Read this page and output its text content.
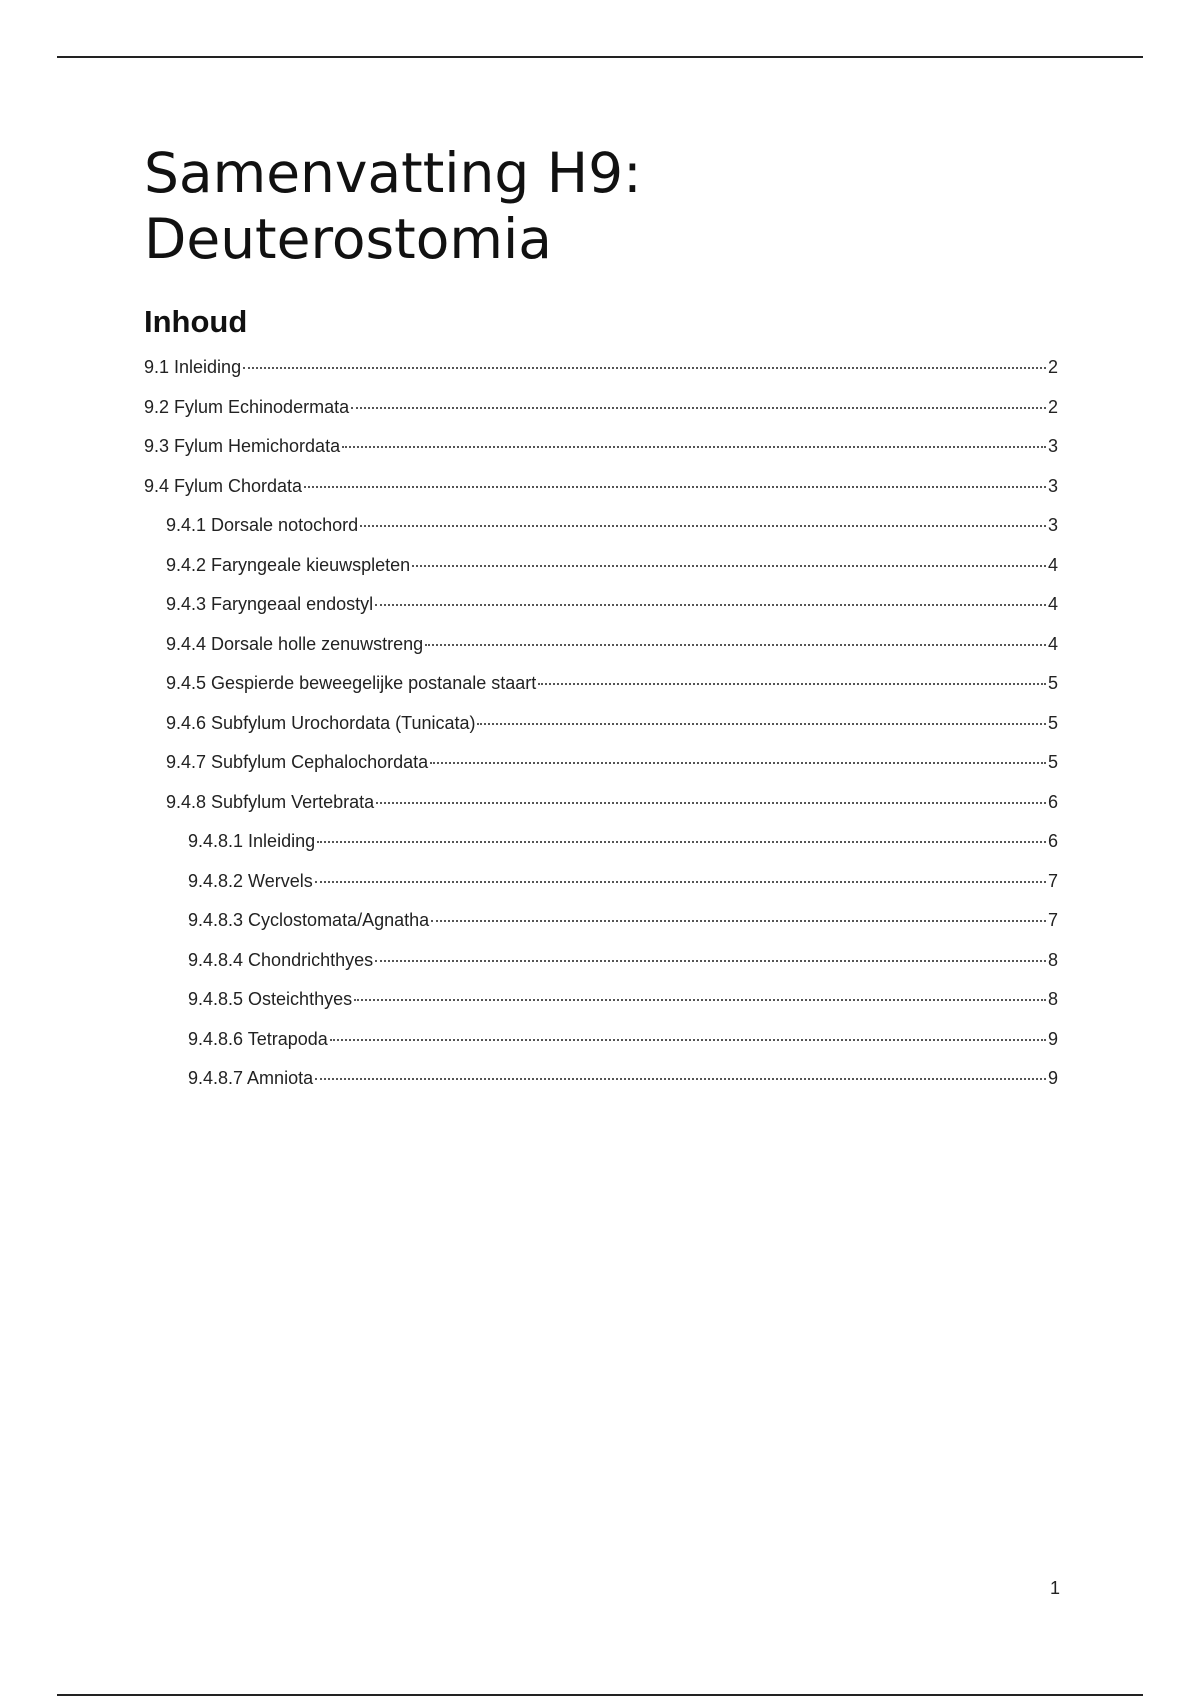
Samenvatting H9:
Deuterostomia
Inhoud
9.1 Inleiding	2
9.2 Fylum Echinodermata	2
9.3 Fylum Hemichordata	3
9.4 Fylum Chordata	3
9.4.1 Dorsale notochord	3
9.4.2 Faryngeale kieuwspleten	4
9.4.3 Faryngeaal endostyl	4
9.4.4 Dorsale holle zenuwstreng	4
9.4.5 Gespierde beweegelijke postanale staart	5
9.4.6 Subfylum Urochordata (Tunicata)	5
9.4.7 Subfylum Cephalochordata	5
9.4.8 Subfylum Vertebrata	6
9.4.8.1 Inleiding	6
9.4.8.2 Wervels	7
9.4.8.3 Cyclostomata/Agnatha	7
9.4.8.4 Chondrichthyes	8
9.4.8.5 Osteichthyes	8
9.4.8.6 Tetrapoda	9
9.4.8.7 Amniota	9
1
